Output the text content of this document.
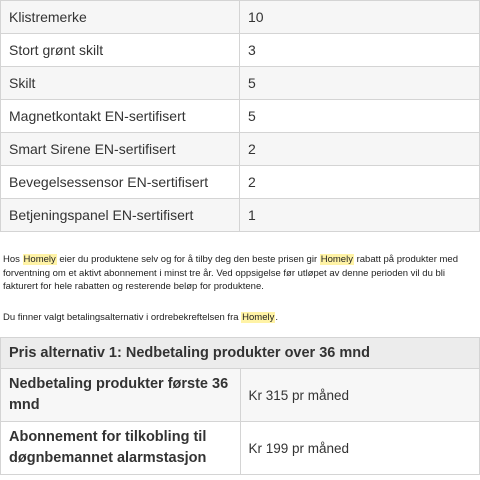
Klistremerke	10
Stort grønt skilt	3
Skilt	5
Magnetkontakt EN-sertifisert	5
Smart Sirene EN-sertifisert	2
Bevegelsessensor EN-sertifisert	2
Betjeningspanel EN-sertifisert	1

Hos Homely eier du produktene selv og for å tilby deg den beste prisen gir Homely rabatt på produkter med forventning om et aktivt abonnement i minst tre år. Ved oppsigelse før utløpet av denne perioden vil du bli fakturert for hele rabatten og resterende beløp for produktene.

Du finner valgt betalingsalternativ i ordrebekreftelsen fra Homely.

Pris alternativ 1: Nedbetaling produkter over 36 mnd	
Nedbetaling produkter første 36 mnd	Kr 315 pr måned
Abonnement for tilkobling til døgnbemannet alarmstasjon	Kr 199 pr måned
